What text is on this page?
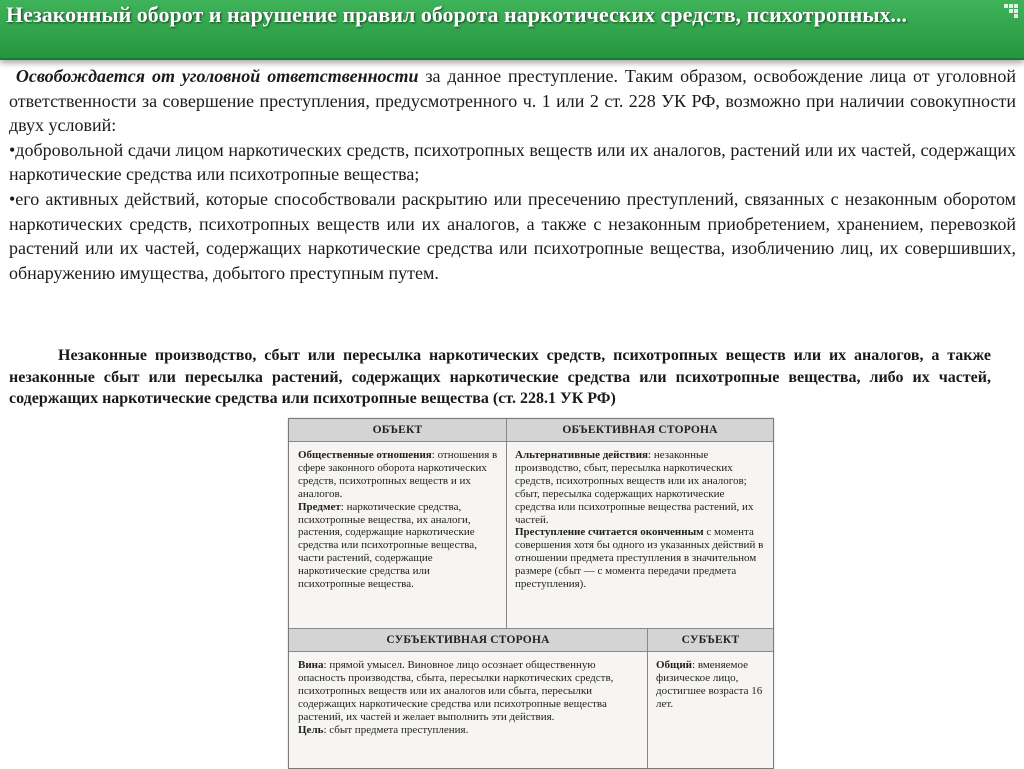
Незаконный оборот и нарушение правил оборота наркотических средств, психотропных...

Освобождается от уголовной ответственности за данное преступление. Таким образом, освобождение лица от уголовной ответственности за совершение преступления, предусмотренного ч. 1 или 2 ст. 228 УК РФ, возможно при наличии совокупности двух условий:

•добровольной сдачи лицом наркотических средств, психотропных веществ или их аналогов, растений или их частей, содержащих наркотические средства или психотропные вещества;

•его активных действий, которые способствовали раскрытию или пресечению преступлений, связанных с незаконным оборотом наркотических средств, психотропных веществ или их аналогов, а также с незаконным приобретением, хранением, перевозкой растений или их частей, содержащих наркотические средства или психотропные вещества, изобличению лиц, их совершивших, обнаружению имущества, добытого преступным путем.

Незаконные производство, сбыт или пересылка наркотических средств, психотропных веществ или их аналогов, а также незаконные сбыт или пересылка растений, содержащих наркотические средства или психотропные вещества, либо их частей, содержащих наркотические средства или психотропные вещества (ст. 228.1 УК РФ)
ОБЪЕКТ	ОБЪЕКТИВНАЯ СТОРОНА
Общественные отношения: отношения в сфере законного оборота наркотических средств, психотропных веществ и их аналогов.
Предмет: наркотические средства, психотропные вещества, их аналоги, растения, содержащие наркотические средства или психотропные вещества, части растений, содержащие наркотические средства или психотропные вещества.
Альтернативные действия: незаконные производство, сбыт, пересылка наркотических средств, психотропных веществ или их аналогов; сбыт, пересылка содержащих наркотические средства или психотропные вещества растений, их частей.
Преступление считается оконченным с момента совершения хотя бы одного из указанных действий в отношении предмета преступления в значительном размере (сбыт — с момента передачи предмета преступления).
СУБЪЕКТИВНАЯ СТОРОНА	СУБЪЕКТ
Вина: прямой умысел. Виновное лицо осознает общественную опасность производства, сбыта, пересылки наркотических средств, психотропных веществ или их аналогов или сбыта, пересылки содержащих наркотические средства или психотропные вещества растений, их частей и желает выполнить эти действия.
Цель: сбыт предмета преступления.
Общий: вменяемое физическое лицо, достигшее возраста 16 лет.
